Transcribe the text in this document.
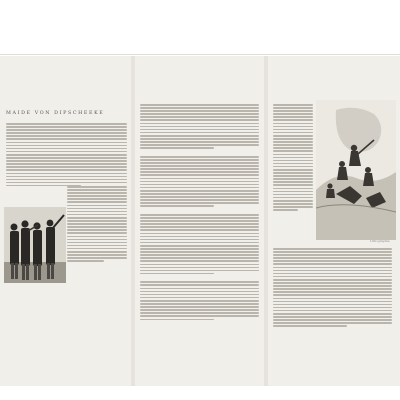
MAIDE VON DIPSCHEEKE
Lithographie
